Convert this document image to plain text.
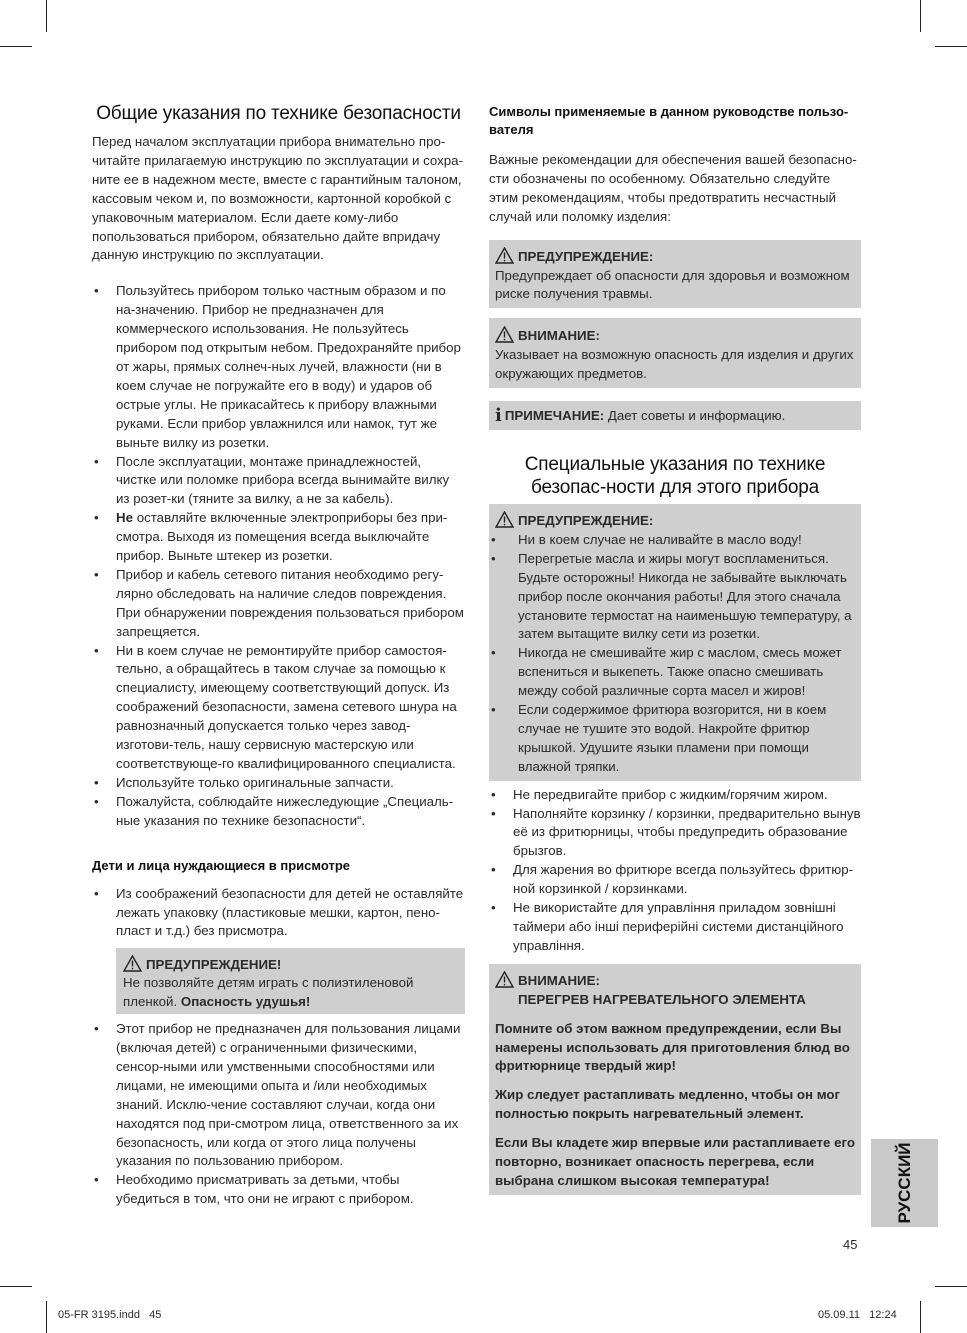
Общие указания по технике безопасности

Перед началом эксплуатации прибора внимательно про-читайте прилагаемую инструкцию по эксплуатации и сохра-ните ее в надежном месте, вместе с гарантийным талоном, кассовым чеком и, по возможности, картонной коробкой с упаковочным материалом. Если даете кому-либо попользоваться прибором, обязательно дайте впридачу данную инструкцию по эксплуатации.

• Пользуйтесь прибором только частным образом и по на-значению. Прибор не предназначен для коммерческого использования. Не пользуйтесь прибором под открытым небом. Предохраняйте прибор от жары, прямых солнеч-ных лучей, влажности (ни в коем случае не погружайте его в воду) и ударов об острые углы. Не прикасайтесь к прибору влажными руками. Если прибор увлажнился или намок, тут же выньте вилку из розетки.
• После эксплуатации, монтаже принадлежностей, чистке или поломке прибора всегда вынимайте вилку из розет-ки (тяните за вилку, а не за кабель).
• Не оставляйте включенные электроприборы без при-смотра. Выходя из помещения всегда выключайте прибор. Выньте штекер из розетки.
• Прибор и кабель сетевого питания необходимо регу-лярно обследовать на наличие следов повреждения. При обнаружении повреждения пользоваться прибором запрещяется.
• Ни в коем случае не ремонтируйте прибор самостоя-тельно, а обращайтесь в таком случае за помощью к специалисту, имеющему соответствующий допуск. Из соображений безопасности, замена сетевого шнура на равнозначный допускается только через завод-изготови-тель, нашу сервисную мастерскую или соответствующе-го квалифицированного специалиста.
• Используйте только оригинальные запчасти.
• Пожалуйста, соблюдайте нижеследующие „Специаль-ные указания по технике безопасности“.
Дети и лица нуждающиеся в присмотре
• Из соображений безопасности для детей не оставляйте лежать упаковку (пластиковые мешки, картон, пено-пласт и т.д.) без присмотра.
ПРЕДУПРЕЖДЕНИЕ!
Не позволяйте детям играть с полиэтиленовой пленкой. Опасность удушья!
• Этот прибор не предназначен для пользования лицами (включая детей) с ограниченными физическими, сенсор-ными или умственными способностями или лицами, не имеющими опыта и /или необходимых знаний. Исклю-чение составляют случаи, когда они находятся под при-смотром лица, ответственного за их безопасность, или когда от этого лица получены указания по пользованию прибором.
• Необходимо присматривать за детьми, чтобы убедиться в том, что они не играют с прибором.
Символы применяемые в данном руководстве пользо-вателя

Важные рекомендации для обеспечения вашей безопасно-сти обозначены по особенному. Обязательно следуйте этим рекомендациям, чтобы предотвратить несчастный случай или поломку изделия:

ПРЕДУПРЕЖДЕНИЕ:
Предупреждает об опасности для здоровья и возможном риске получения травмы.
ВНИМАНИЕ:
Указывает на возможную опасность для изделия и других окружающих предметов.
i ПРИМЕЧАНИЕ: Дает советы и информацию.
Специальные указания по технике безопас-ности для этого прибора
ПРЕДУПРЕЖДЕНИЕ:
• Ни в коем случае не наливайте в масло воду!
• Перегретые масла и жиры могут воспламениться. Будьте осторожны! Никогда не забывайте выключать прибор после окончания работы! Для этого сначала установите термостат на наименьшую температуру, а затем вытащите вилку сети из розетки.
• Никогда не смешивайте жир с маслом, смесь может вспениться и выкепеть. Также опасно смешивать между собой различные сорта масел и жиров!
• Если содержимое фритюра возгорится, ни в коем случае не тушите это водой. Накройте фритюр крышкой. Удушите языки пламени при помощи влажной тряпки.
• Не передвигайте прибор с жидким/горячим жиром.
• Наполняйте корзинку / корзинки, предварительно вынув её из фритюрницы, чтобы предупредить образование брызгов.
• Для жарения во фритюре всегда пользуйтесь фритюр-ной корзинкой / корзинками.
• Не використайте для управління приладом зовнішні таймери або інші периферійні системи дистанційного управління.
ВНИМАНИЕ:
ПЕРЕГРЕВ НАГРЕВАТЕЛЬНОГО ЭЛЕМЕНТА

Помните об этом важном предупреждении, если Вы намерены использовать для приготовления блюд во фритюрнице твердый жир!

Жир следует растапливать медленно, чтобы он мог полностью покрыть нагревательный элемент.

Если Вы кладете жир впервые или растапливаете его повторно, возникает опасность перегрева, если выбрана слишком высокая температура!	РУССКИЙ
45
05-FR 3195.indd   45	05.09.11   12:24
